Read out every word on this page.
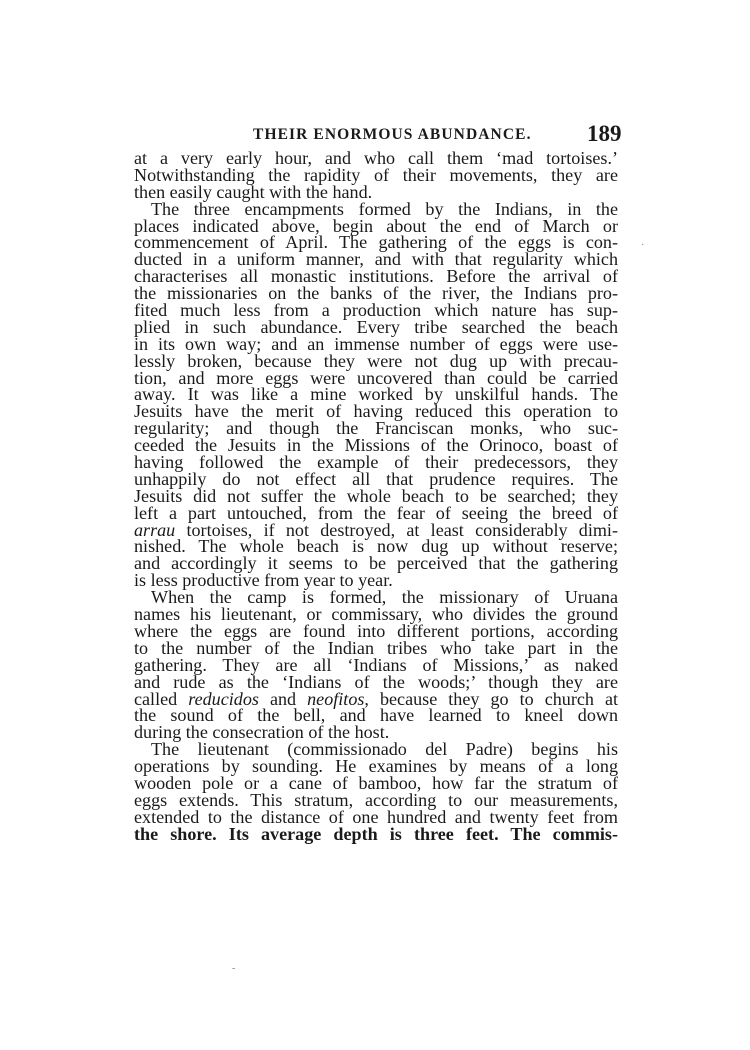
THEIR ENORMOUS ABUNDANCE. 189
at a very early hour, and who call them ‘mad tortoises.’
Notwithstanding the rapidity of their movements, they are
then easily caught with the hand.
The three encampments formed by the Indians, in the
places indicated above, begin about the end of March or
commencement of April. The gathering of the eggs is con-
ducted in a uniform manner, and with that regularity which
characterises all monastic institutions. Before the arrival of
the missionaries on the banks of the river, the Indians pro-
fited much less from a production which nature has sup-
plied in such abundance. Every tribe searched the beach
in its own way; and an immense number of eggs were use-
lessly broken, because they were not dug up with precau-
tion, and more eggs were uncovered than could be carried
away. It was like a mine worked by unskilful hands. The
Jesuits have the merit of having reduced this operation to
regularity; and though the Franciscan monks, who suc-
ceeded the Jesuits in the Missions of the Orinoco, boast of
having followed the example of their predecessors, they
unhappily do not effect all that prudence requires. The
Jesuits did not suffer the whole beach to be searched; they
left a part untouched, from the fear of seeing the breed of
arrau tortoises, if not destroyed, at least considerably dimi-
nished. The whole beach is now dug up without reserve;
and accordingly it seems to be perceived that the gathering
is less productive from year to year.
When the camp is formed, the missionary of Uruana
names his lieutenant, or commissary, who divides the ground
where the eggs are found into different portions, according
to the number of the Indian tribes who take part in the
gathering. They are all ‘Indians of Missions,’ as naked
and rude as the ‘Indians of the woods;’ though they are
called reducidos and neofitos, because they go to church at
the sound of the bell, and have learned to kneel down
during the consecration of the host.
The lieutenant (commissionado del Padre) begins his
operations by sounding. He examines by means of a long
wooden pole or a cane of bamboo, how far the stratum of
eggs extends. This stratum, according to our measurements,
extended to the distance of one hundred and twenty feet from
the shore. Its average depth is three feet. The commis-
·
-
